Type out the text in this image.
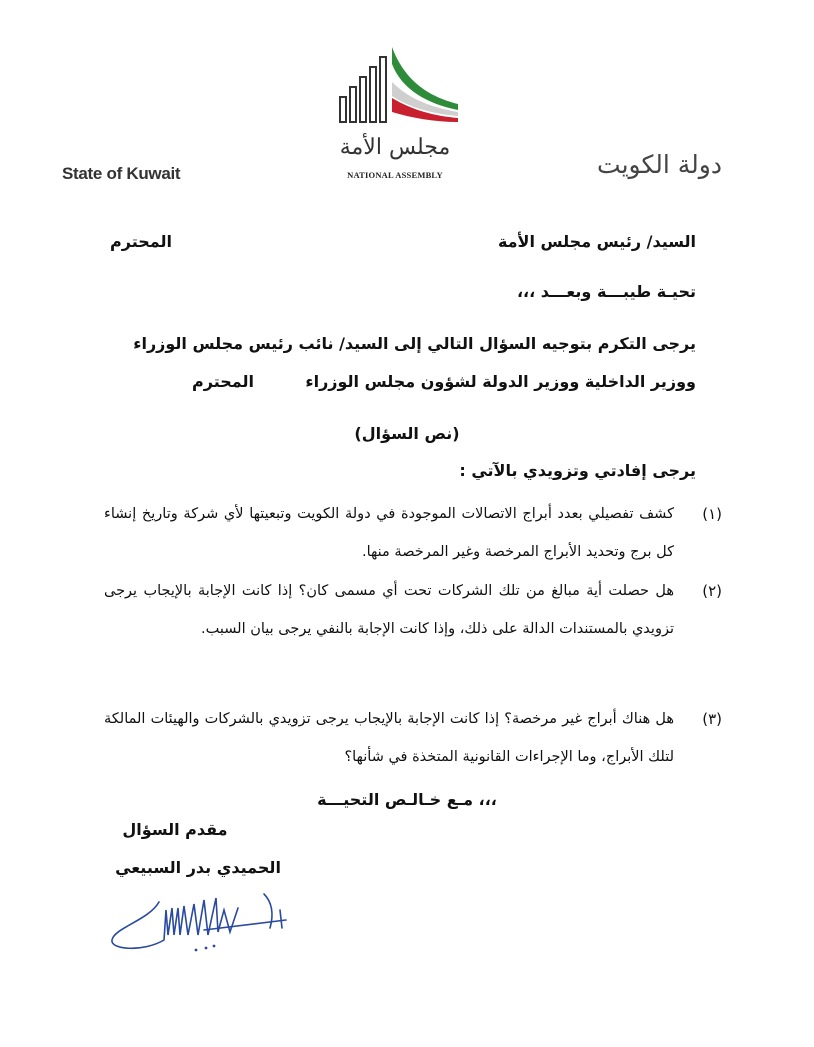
State of Kuwait	دولة الكويت
مجلس الأمة
NATIONAL ASSEMBLY
السيد/ رئيس مجلس الأمة
المحترم
تحيـة طيبـــة وبعـــد ،،،
يرجى التكرم بتوجيه السؤال التالي إلى السيد/ نائب رئيس مجلس الوزراء
ووزير الداخلية ووزير الدولة لشؤون مجلس الوزراء
المحترم
(نص السؤال)
يرجى إفادتي وتزويدي بالآتي :
(١)
كشف تفصيلي بعدد أبراج الاتصالات الموجودة في دولة الكويت وتبعيتها لأي شركة وتاريخ إنشاء كل برج وتحديد الأبراج المرخصة وغير المرخصة منها.
(٢)
هل حصلت أية مبالغ من تلك الشركات تحت أي مسمى كان؟ إذا كانت الإجابة بالإيجاب يرجى تزويدي بالمستندات الدالة على ذلك، وإذا كانت الإجابة بالنفي يرجى بيان السبب.
(٣)
هل هناك أبراج غير مرخصة؟ إذا كانت الإجابة بالإيجاب يرجى تزويدي بالشركات والهيئات المالكة لتلك الأبراج، وما الإجراءات القانونية المتخذة في شأنها؟
مـع خـالـص التحيـــة ،،،
مقدم السؤال
الحميدي بدر السبيعي
